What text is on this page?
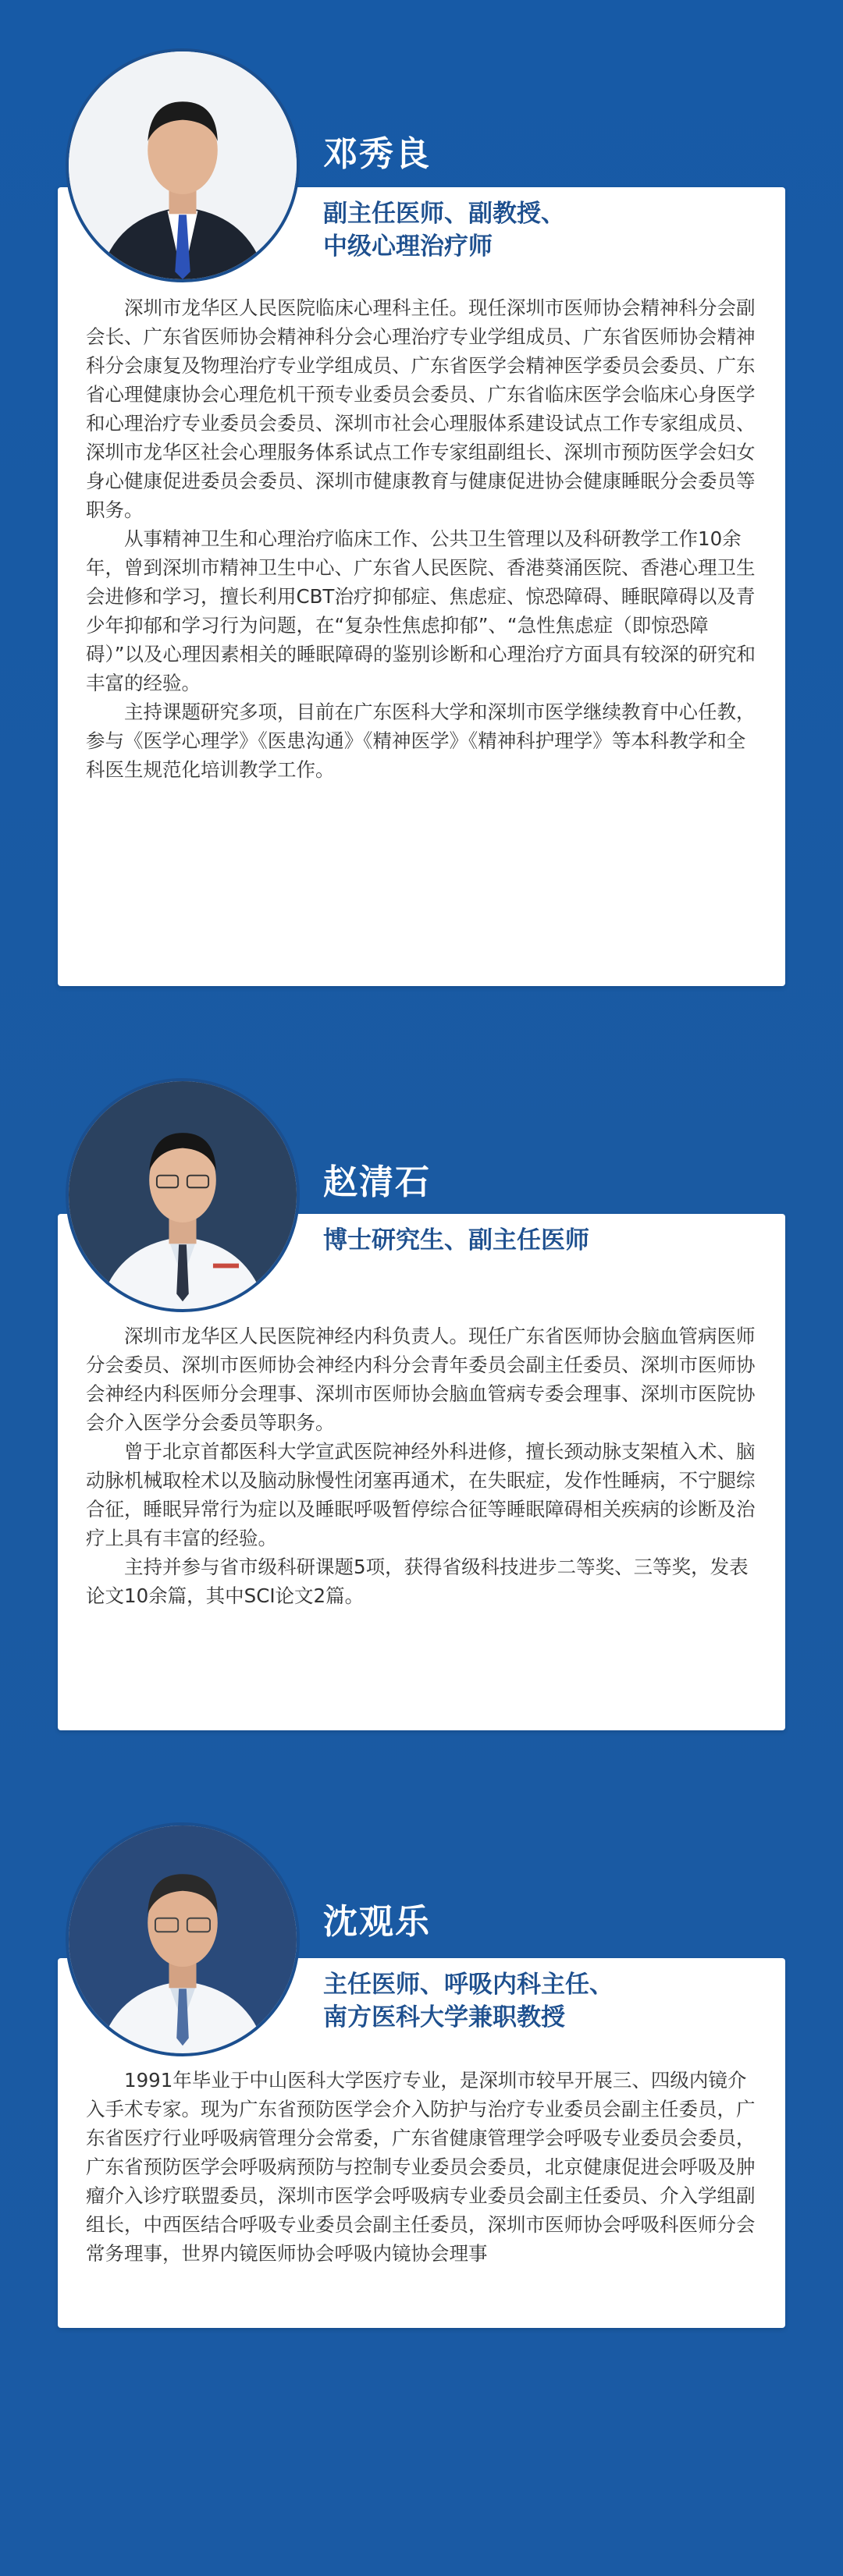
副主任医师、副教授、
中级心理治疗师

深圳市龙华区人民医院临床心理科主任。现任深圳市医师协会精神科分会副会长、广东省医师协会精神科分会心理治疗专业学组成员、广东省医师协会精神科分会康复及物理治疗专业学组成员、广东省医学会精神医学委员会委员、广东省心理健康协会心理危机干预专业委员会委员、广东省临床医学会临床心身医学和心理治疗专业委员会委员、深圳市社会心理服体系建设试点工作专家组成员、深圳市龙华区社会心理服务体系试点工作专家组副组长、深圳市预防医学会妇女身心健康促进委员会委员、深圳市健康教育与健康促进协会健康睡眠分会委员等职务。

从事精神卫生和心理治疗临床工作、公共卫生管理以及科研教学工作10余年，曾到深圳市精神卫生中心、广东省人民医院、香港葵涌医院、香港心理卫生会进修和学习，擅长利用CBT治疗抑郁症、焦虑症、惊恐障碍、睡眠障碍以及青少年抑郁和学习行为问题，在“复杂性焦虑抑郁”、“急性焦虑症（即惊恐障碍）”以及心理因素相关的睡眠障碍的鉴别诊断和心理治疗方面具有较深的研究和丰富的经验。

主持课题研究多项，目前在广东医科大学和深圳市医学继续教育中心任教，参与《医学心理学》《医患沟通》《精神医学》《精神科护理学》等本科教学和全科医生规范化培训教学工作。

邓秀良
博士研究生、副主任医师

深圳市龙华区人民医院神经内科负责人。现任广东省医师协会脑血管病医师分会委员、深圳市医师协会神经内科分会青年委员会副主任委员、深圳市医师协会神经内科医师分会理事、深圳市医师协会脑血管病专委会理事、深圳市医院协会介入医学分会委员等职务。

曾于北京首都医科大学宣武医院神经外科进修，擅长颈动脉支架植入术、脑动脉机械取栓术以及脑动脉慢性闭塞再通术，在失眠症，发作性睡病，不宁腿综合征，睡眠异常行为症以及睡眠呼吸暂停综合征等睡眠障碍相关疾病的诊断及治疗上具有丰富的经验。

主持并参与省市级科研课题5项，获得省级科技进步二等奖、三等奖，发表论文10余篇，其中SCI论文2篇。

赵清石
主任医师、呼吸内科主任、
南方医科大学兼职教授

1991年毕业于中山医科大学医疗专业，是深圳市较早开展三、四级内镜介入手术专家。现为广东省预防医学会介入防护与治疗专业委员会副主任委员，广东省医疗行业呼吸病管理分会常委，广东省健康管理学会呼吸专业委员会委员，广东省预防医学会呼吸病预防与控制专业委员会委员，北京健康促进会呼吸及肿瘤介入诊疗联盟委员，深圳市医学会呼吸病专业委员会副主任委员、介入学组副组长，中西医结合呼吸专业委员会副主任委员，深圳市医师协会呼吸科医师分会常务理事，世界内镜医师协会呼吸内镜协会理事

沈观乐
